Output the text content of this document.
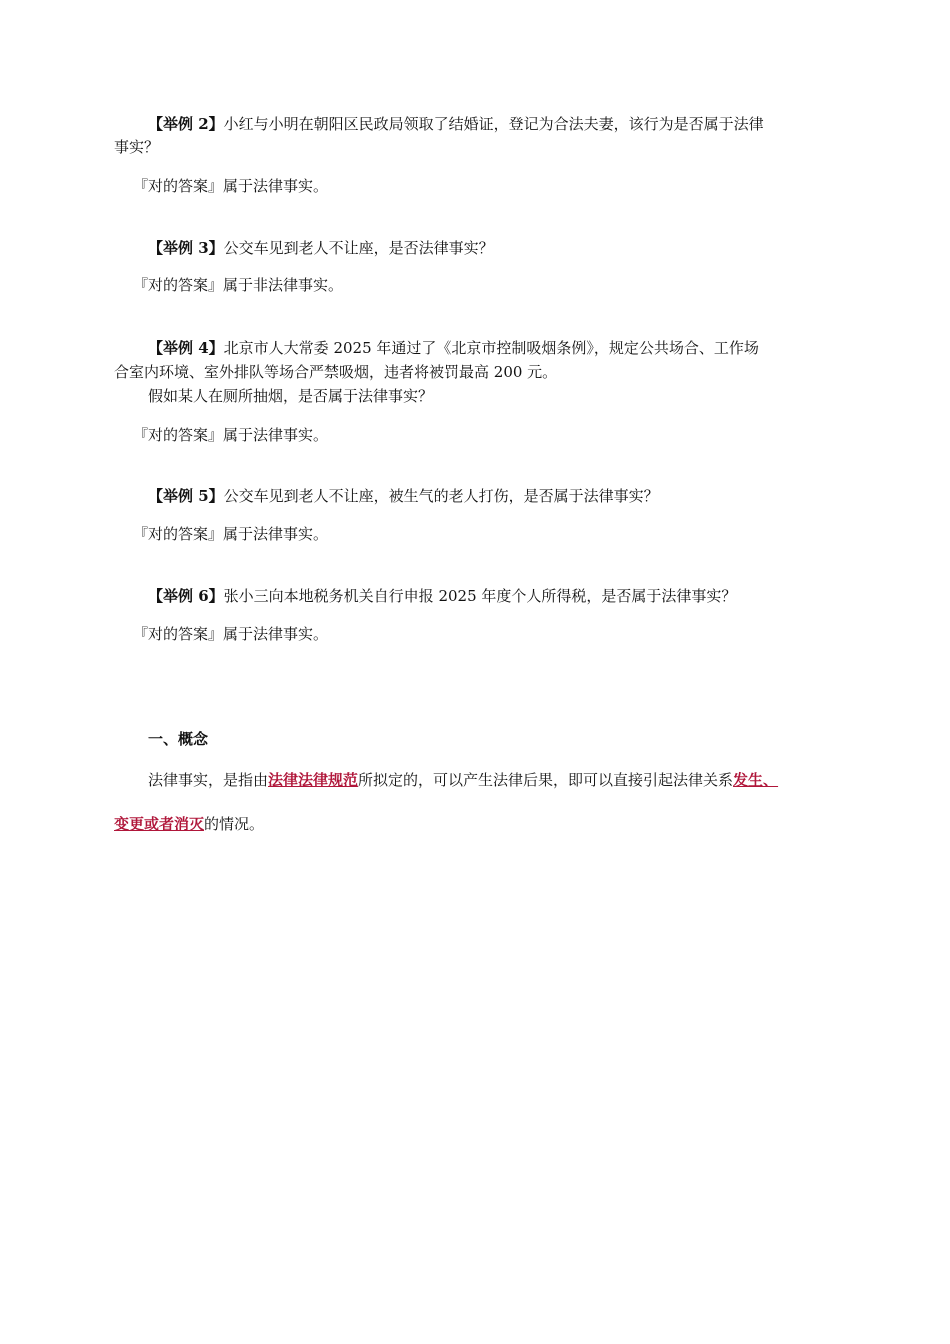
【举例 2】小红与小明在朝阳区民政局领取了结婚证，登记为合法夫妻，该行为是否属于法律
事实？
『对的答案』属于法律事实。
【举例 3】公交车见到老人不让座，是否法律事实？
『对的答案』属于非法律事实。
【举例 4】北京市人大常委 2025 年通过了《北京市控制吸烟条例》，规定公共场合、工作场
合室内环境、室外排队等场合严禁吸烟，违者将被罚最高 200 元。
假如某人在厕所抽烟，是否属于法律事实？
『对的答案』属于法律事实。
【举例 5】公交车见到老人不让座，被生气的老人打伤，是否属于法律事实？
『对的答案』属于法律事实。
【举例 6】张小三向本地税务机关自行申报 2025 年度个人所得税，是否属于法律事实？
『对的答案』属于法律事实。
一、概念
法律事实，是指由法律法律规范所拟定的，可以产生法律后果，即可以直接引起法律关系发生、
变更或者消灭的情况。
